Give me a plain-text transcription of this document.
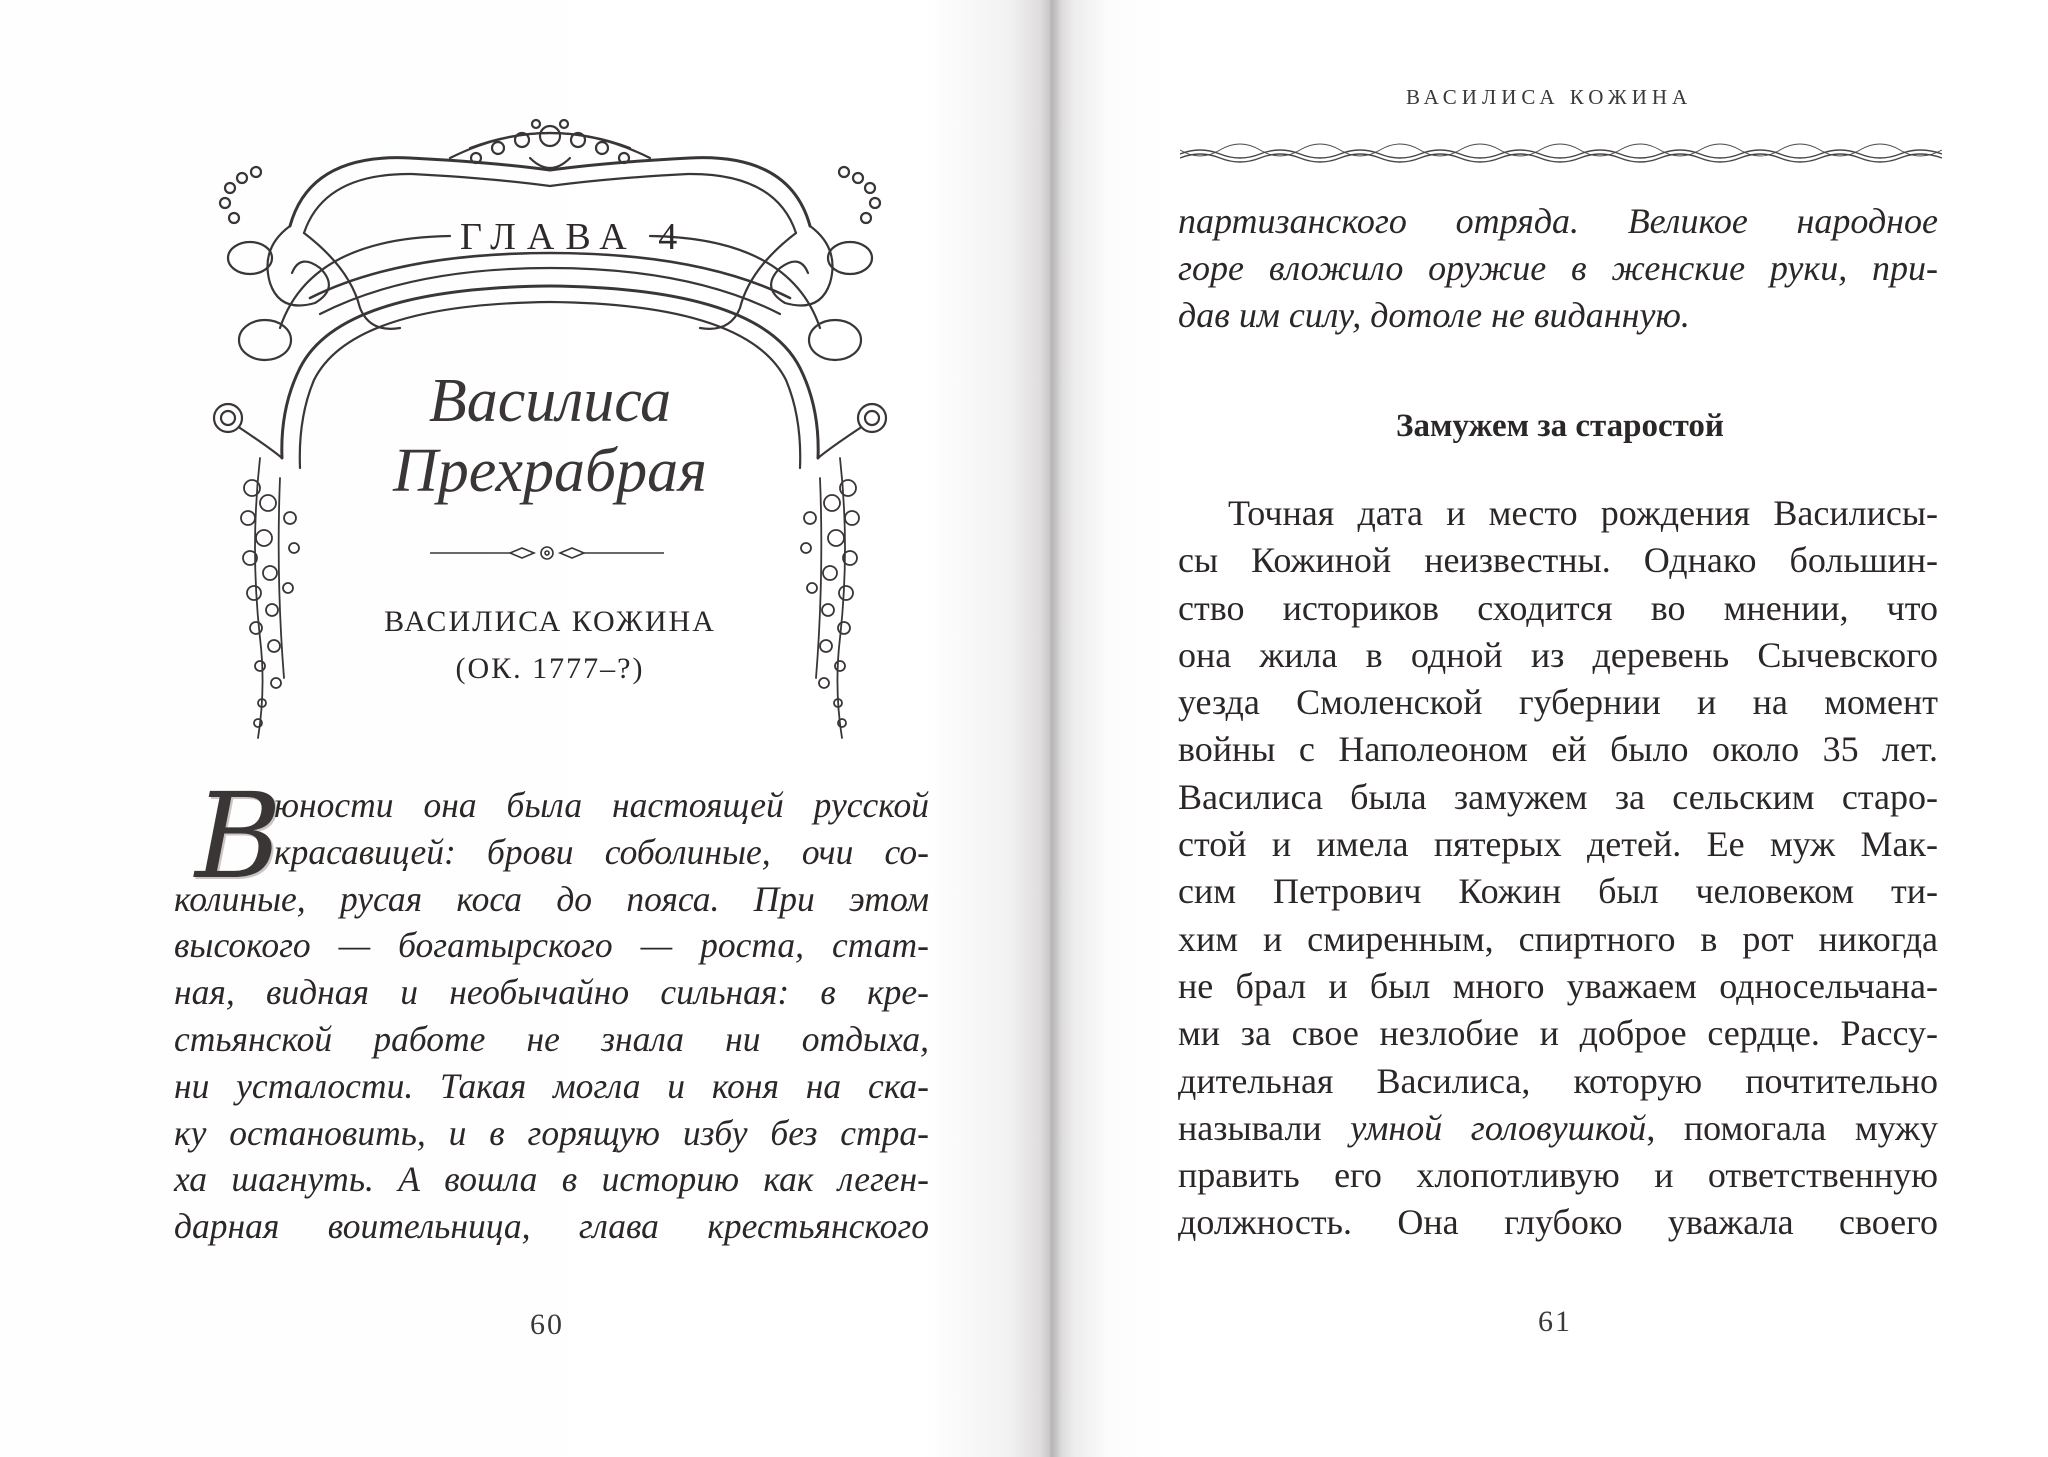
ГЛАВА 4
Василиса
Прехрабрая
ВАСИЛИСА КОЖИНА
(ОК. 1777–?)
В
юности она была настоящей русской
красавицей: брови соболиные, очи со-
колиные, русая коса до пояса. При этом
высокого — богатырского — роста, стат-
ная, видная и необычайно сильная: в кре-
стьянской работе не знала ни отдыха,
ни усталости. Такая могла и коня на ска-
ку остановить, и в горящую избу без стра-
ха шагнуть. А вошла в историю как леген-
дарная воительница, глава крестьянского
60
ВАСИЛИСА КОЖИНА
партизанского отряда. Великое народное
горе вложило оружие в женские руки, при-
дав им силу, дотоле не виданную.
Замужем за старостой
Точная дата и место рождения Василисы-
сы Кожиной неизвестны. Однако большин-
ство историков сходится во мнении, что
она жила в одной из деревень Сычевского
уезда Смоленской губернии и на момент
войны с Наполеоном ей было около 35 лет.
Василиса была замужем за сельским старо-
стой и имела пятерых детей. Ее муж Мак-
сим Петрович Кожин был человеком ти-
хим и смиренным, спиртного в рот никогда
не брал и был много уважаем односельчана-
ми за свое незлобие и доброе сердце. Рассу-
дительная Василиса, которую почтительно
называли умной головушкой, помогала мужу
править его хлопотливую и ответственную
должность. Она глубоко уважала своего
61
